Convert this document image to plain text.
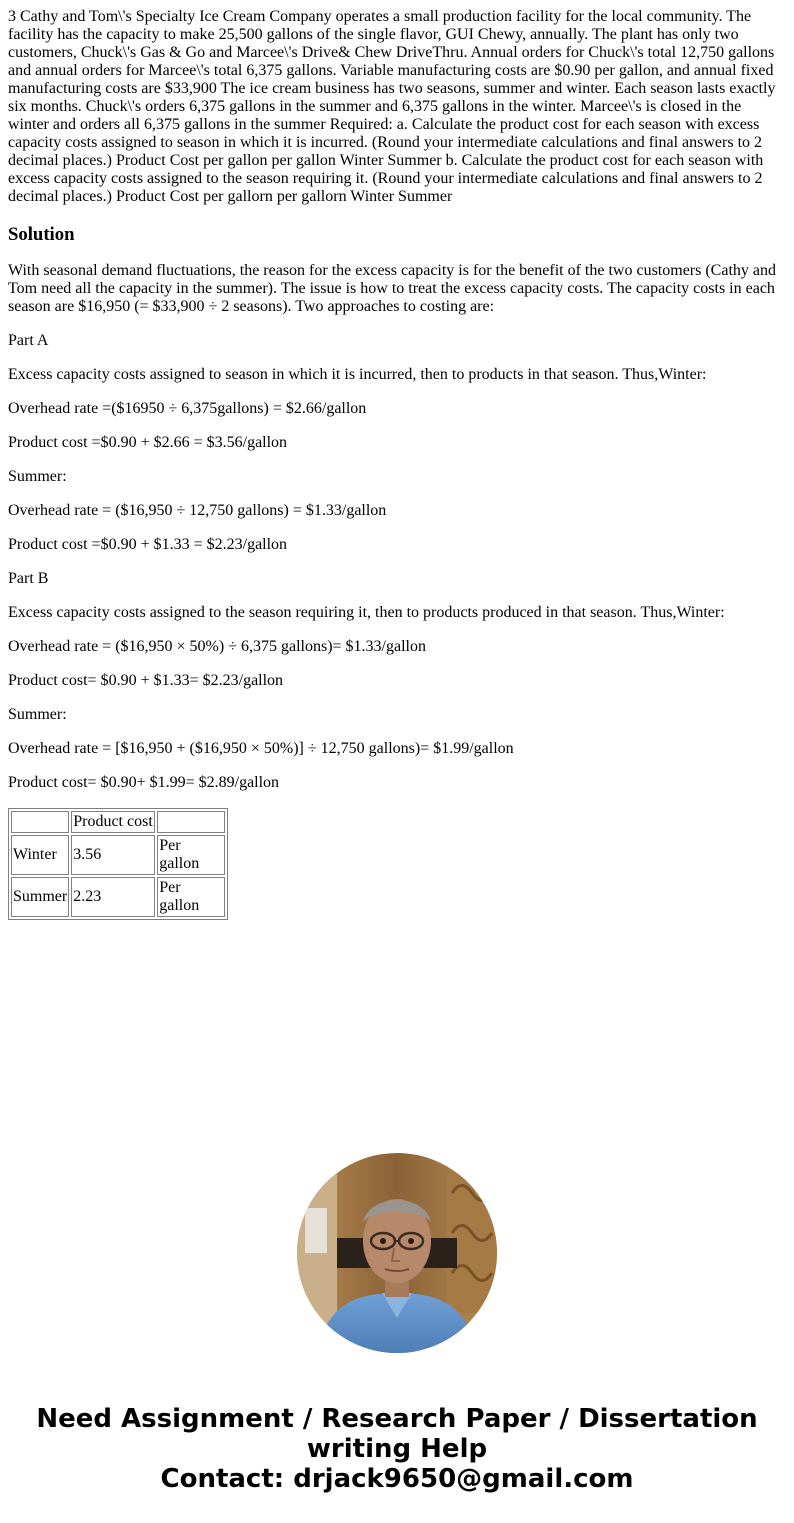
3 Cathy and Tom\'s Specialty Ice Cream Company operates a small production facility for the local community. The facility has the capacity to make 25,500 gallons of the single flavor, GUI Chewy, annually. The plant has only two customers, Chuck\'s Gas & Go and Marcee\'s Drive& Chew DriveThru. Annual orders for Chuck\'s total 12,750 gallons and annual orders for Marcee\'s total 6,375 gallons. Variable manufacturing costs are $0.90 per gallon, and annual fixed manufacturing costs are $33,900 The ice cream business has two seasons, summer and winter. Each season lasts exactly six months. Chuck\'s orders 6,375 gallons in the summer and 6,375 gallons in the winter. Marcee\'s is closed in the winter and orders all 6,375 gallons in the summer Required: a. Calculate the product cost for each season with excess capacity costs assigned to season in which it is incurred. (Round your intermediate calculations and final answers to 2 decimal places.) Product Cost per gallon per gallon Winter Summer b. Calculate the product cost for each season with excess capacity costs assigned to the season requiring it. (Round your intermediate calculations and final answers to 2 decimal places.) Product Cost per gallorn per gallorn Winter Summer

Solution

With seasonal demand fluctuations, the reason for the excess capacity is for the benefit of the two customers (Cathy and Tom need all the capacity in the summer). The issue is how to treat the excess capacity costs. The capacity costs in each season are $16,950 (= $33,900 ÷ 2 seasons). Two approaches to costing are:

Part A

Excess capacity costs assigned to season in which it is incurred, then to products in that season. Thus,Winter:

Overhead rate =($16950 ÷ 6,375gallons) = $2.66/gallon

Product cost =$0.90 + $2.66 = $3.56/gallon

Summer:

Overhead rate = ($16,950 ÷ 12,750 gallons) = $1.33/gallon

Product cost =$0.90 + $1.33 = $2.23/gallon

Part B

Excess capacity costs assigned to the season requiring it, then to products produced in that season. Thus,Winter:

Overhead rate = ($16,950 × 50%) ÷ 6,375 gallons)= $1.33/gallon

Product cost= $0.90 + $1.33= $2.23/gallon

Summer:

Overhead rate = [$16,950 + ($16,950 × 50%)] ÷ 12,750 gallons)= $1.99/gallon

Product cost= $0.90+ $1.99= $2.89/gallon

	Product cost	
Winter	3.56	Per gallon
Summer	2.23	Per gallon
Need Assignment / Research Paper / Dissertation
writing Help
Contact: drjack9650@gmail.com
